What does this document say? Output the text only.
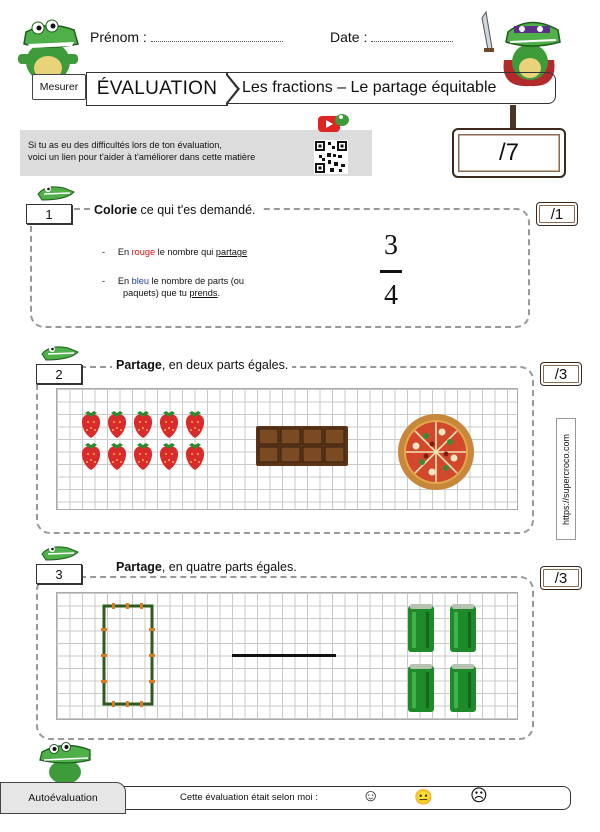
Mesurer
Prénom :	Date :
ÉVALUATION Les fractions – Le partage équitable
Si tu as eu des difficultés lors de ton évaluation,
voici un lien pour t'aider à t'améliorer dans cette matière	/7
1	Colorie ce qui t'es demandé.	/1
-     En rouge le nombre qui partage
-     En bleu le nombre de parts (ou
paquets) que tu prends.
3
4
2
Partage, en deux parts égales.
/3
https://supercroco.com
3	Partage, en quatre parts égales.
/3
Autoévaluation	Cette évaluation était selon moi :	☺ 😐 ☹
